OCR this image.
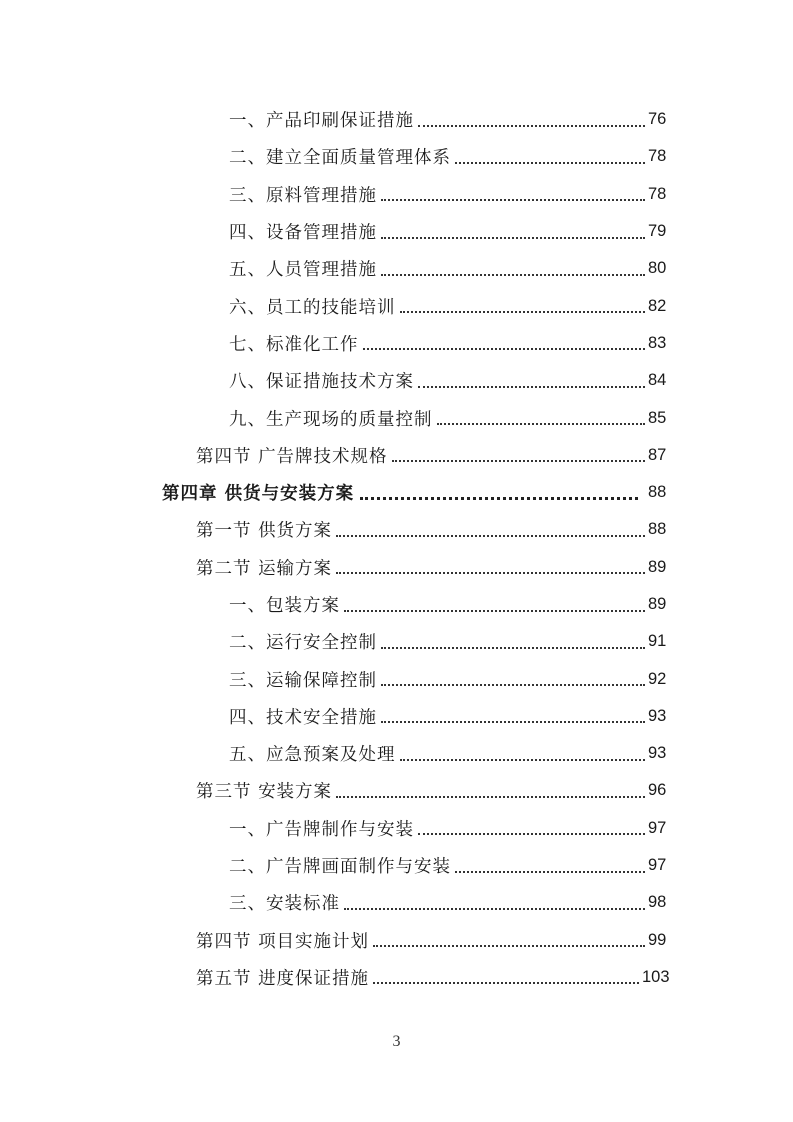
一、产品印刷保证措施	76
二、建立全面质量管理体系	78
三、原料管理措施	78
四、设备管理措施	79
五、人员管理措施	80
六、员工的技能培训	82
七、标准化工作	83
八、保证措施技术方案	84
九、生产现场的质量控制	85
第四节 广告牌技术规格	87
第四章 供货与安装方案	88
第一节 供货方案	88
第二节 运输方案	89
一、包装方案	89
二、运行安全控制	91
三、运输保障控制	92
四、技术安全措施	93
五、应急预案及处理	93
第三节 安装方案	96
一、广告牌制作与安装	97
二、广告牌画面制作与安装	97
三、安装标准	98
第四节 项目实施计划	99
第五节 进度保证措施	103
3
